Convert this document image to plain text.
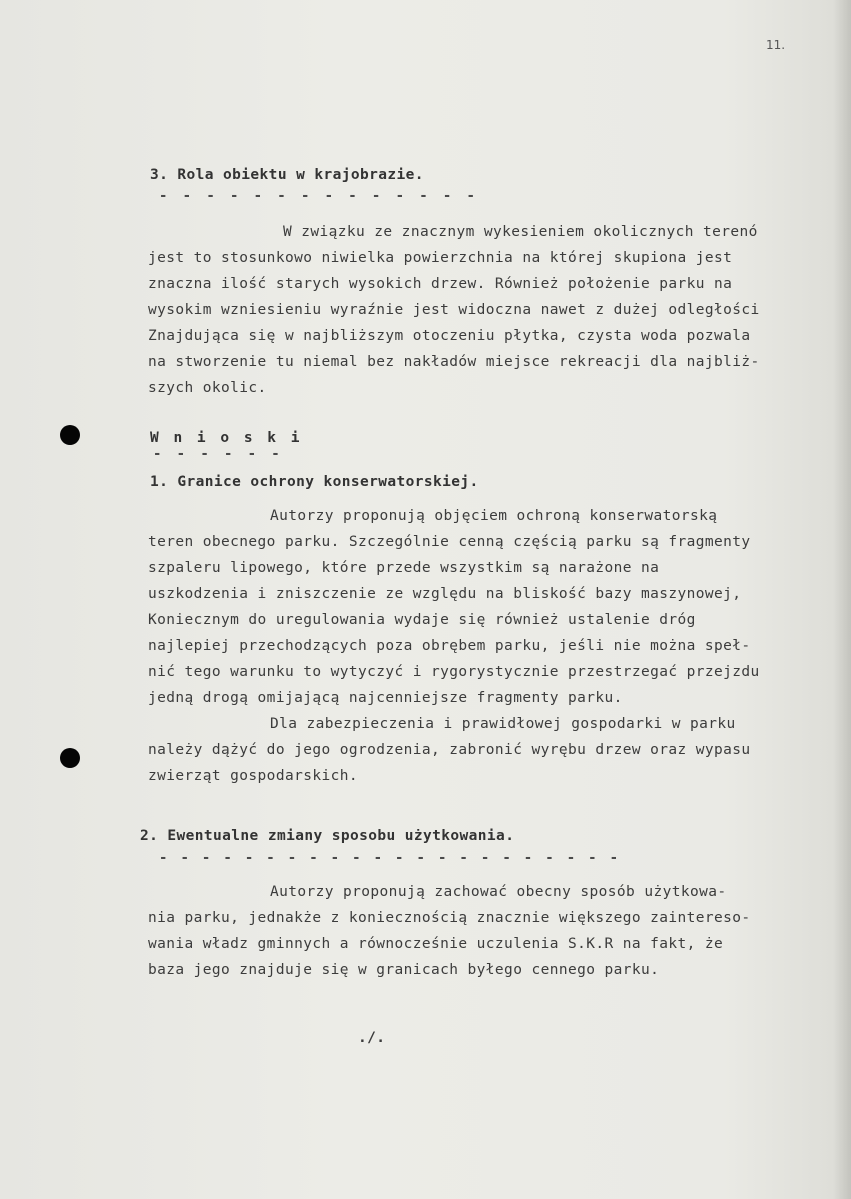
11.
3. Rola obiektu w krajobrazie.
- - - - - - - - - - - - - -
W związku ze znacznym wykesieniem okolicznych terenó
jest to stosunkowo niwielka powierzchnia na której skupiona jest
znaczna ilość starych wysokich drzew. Również położenie parku na
wysokim wzniesieniu wyraźnie jest widoczna nawet z dużej odległości
Znajdująca się w najbliższym otoczeniu płytka, czysta woda pozwala
na stworzenie tu niemal bez nakładów miejsce rekreacji dla najbliż-
szych okolic.
W n i o s k i
- - - - - -
1. Granice ochrony konserwatorskiej.
Autorzy proponują objęciem ochroną konserwatorską
teren obecnego parku. Szczególnie cenną częścią parku są fragmenty
szpaleru lipowego, które przede wszystkim są narażone na
uszkodzenia i zniszczenie ze względu na bliskość bazy maszynowej,
Koniecznym do uregulowania wydaje się również ustalenie dróg
najlepiej przechodzących poza obrębem parku, jeśli nie można speł-
nić tego warunku to wytyczyć i rygorystycznie przestrzegać przejzdu
jedną drogą omijającą najcenniejsze fragmenty parku.
Dla zabezpieczenia i prawidłowej gospodarki w parku
należy dążyć do jego ogrodzenia, zabronić wyrębu drzew oraz wypasu
zwierząt gospodarskich.
2. Ewentualne zmiany sposobu użytkowania.
- - - - - - - - - - - - - - - - - - - - - -
Autorzy proponują zachować obecny sposób użytkowa-
nia parku, jednakże z koniecznością znacznie większego zaintereso-
wania władz gminnych a równocześnie uczulenia S.K.R na fakt, że
baza jego znajduje się w granicach byłego cennego parku.
./.
